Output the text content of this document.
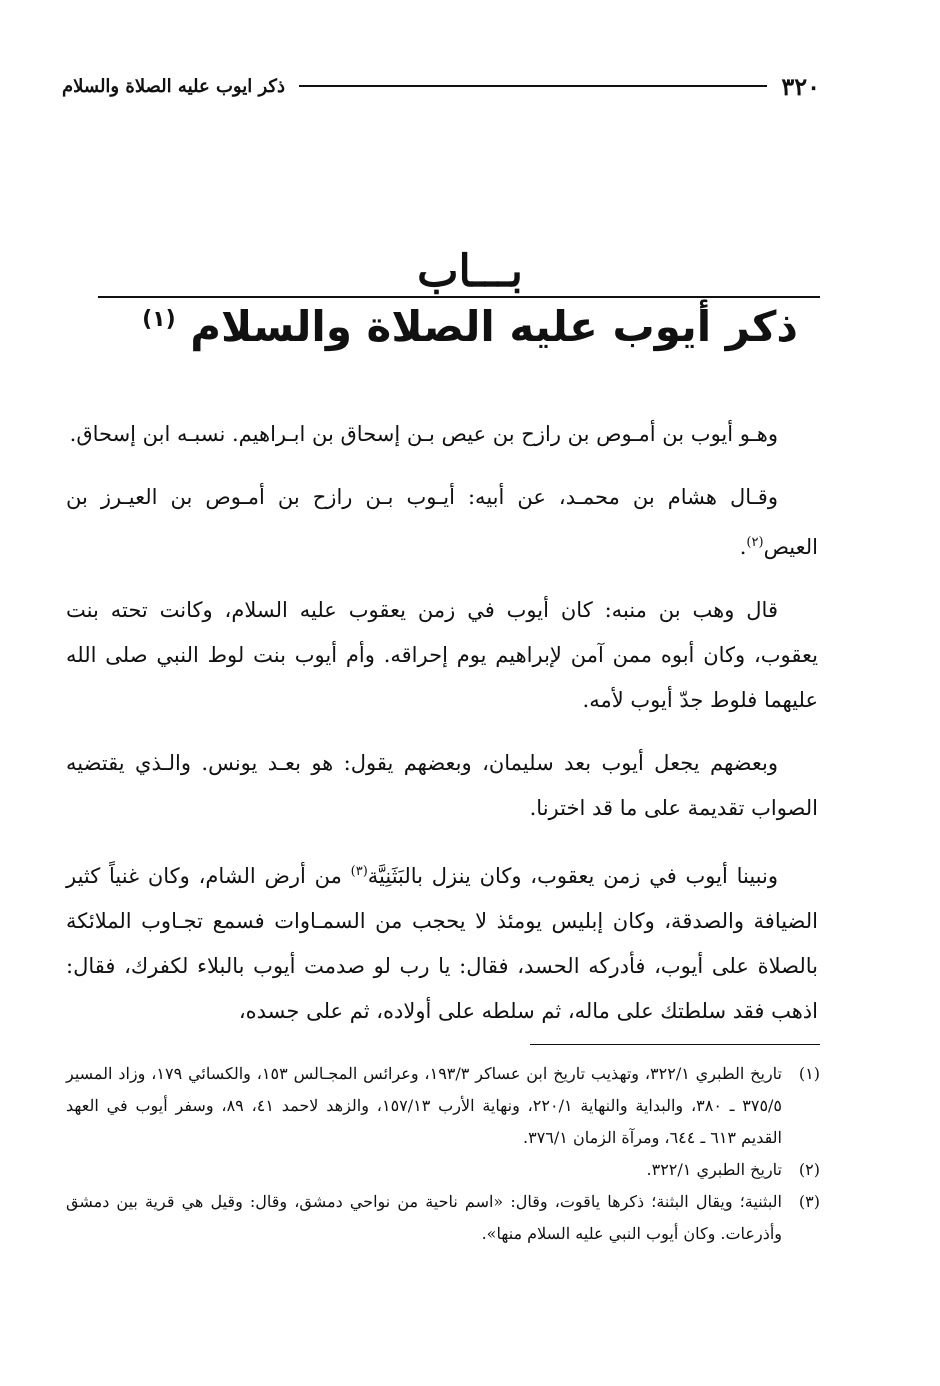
٣٢٠
ذكر ايوب عليه الصلاة والسلام
بـــاب
ذكر أيوب عليه الصلاة والسلام $^{(١)}$

وهـو أيوب بن أمـوص بن رازح بن عيص بـن إسحاق بن ابـراهيم. نسبـه ابن إسحاق.

وقـال هشام بن محمـد، عن أبيه: أيـوب بـن رازح بن أمـوص بن العيـرز بن العيص$^{(٢)}$.

قال وهب بن منبه: كان أيوب في زمن يعقوب عليه السلام، وكانت تحته بنت يعقوب، وكان أبوه ممن آمن لإبراهيم يوم إحراقه. وأم أيوب بنت لوط النبي صلى الله عليهما فلوط جدّ أيوب لأمه.

وبعضهم يجعل أيوب بعد سليمان، وبعضهم يقول: هو بعـد يونس. والـذي يقتضيه الصواب تقديمة على ما قد اخترنا.

ونبينا أيوب في زمن يعقوب، وكان ينزل بالبَثَنِيَّة$^{(٣)}$ من أرض الشام، وكان غنياً كثير الضيافة والصدقة، وكان إبليس يومئذ لا يحجب من السمـاوات فسمع تجـاوب الملائكة بالصلاة على أيوب، فأدركه الحسد، فقال: يا رب لو صدمت أيوب بالبلاء لكفرك، فقال: اذهب فقد سلطتك على ماله، ثم سلطه على أولاده، ثم على جسده،

(١)
تاريخ الطبري ٣٢٢/١، وتهذيب تاريخ ابن عساكر ١٩٣/٣، وعرائس المجـالس ١٥٣، والكسائي ١٧٩، وزاد المسير ٣٧٥/٥ ـ ٣٨٠، والبداية والنهاية ٢٢٠/١، ونهاية الأرب ١٥٧/١٣، والزهد لاحمد ٤١، ٨٩، وسفر أيوب في العهد القديم ٦١٣ ـ ٦٤٤، ومرآة الزمان ٣٧٦/١.
(٢)
تاريخ الطبري ٣٢٢/١.
(٣)
البثنية؛ ويقال البثنة؛ ذكرها ياقوت، وقال: «اسم ناحية من نواحي دمشق، وقال: وقيل هي قرية بين دمشق وأذرعات. وكان أيوب النبي عليه السلام منها».
